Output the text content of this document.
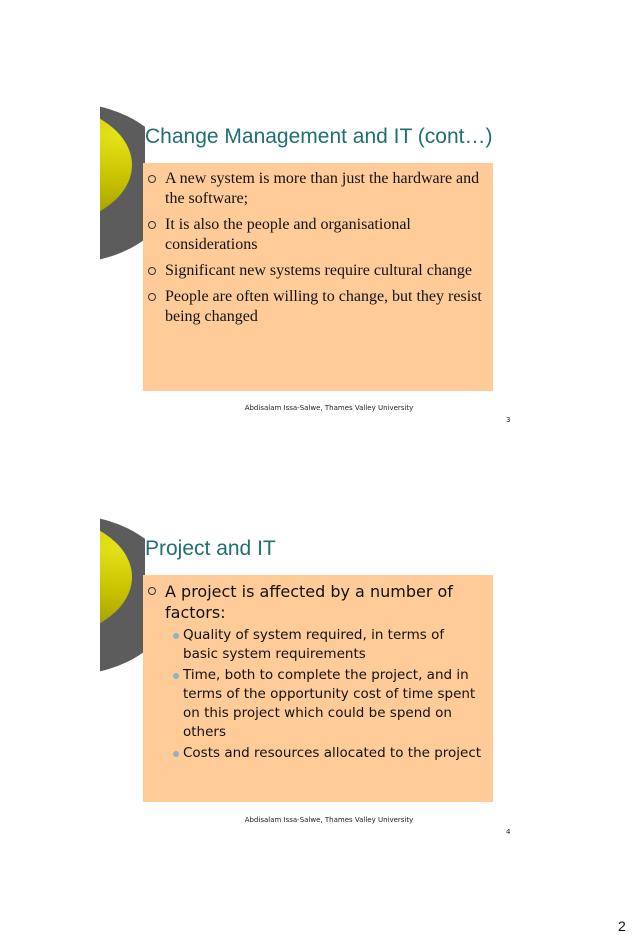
Change Management and IT (cont…)
A new system is more than just the hardware and the software;
It is also the people and organisational considerations
Significant new systems require cultural change
People are often willing to change, but they resist being changed
Abdisalam Issa-Salwe, Thames Valley University
3
Project and IT
A project is affected by a number of factors:
Quality of system required, in terms of basic system requirements
Time, both to complete the project, and in terms of the opportunity cost of time spent on this project which could be spend on others
Costs and resources allocated to the project
Abdisalam Issa-Salwe, Thames Valley University
4
2
